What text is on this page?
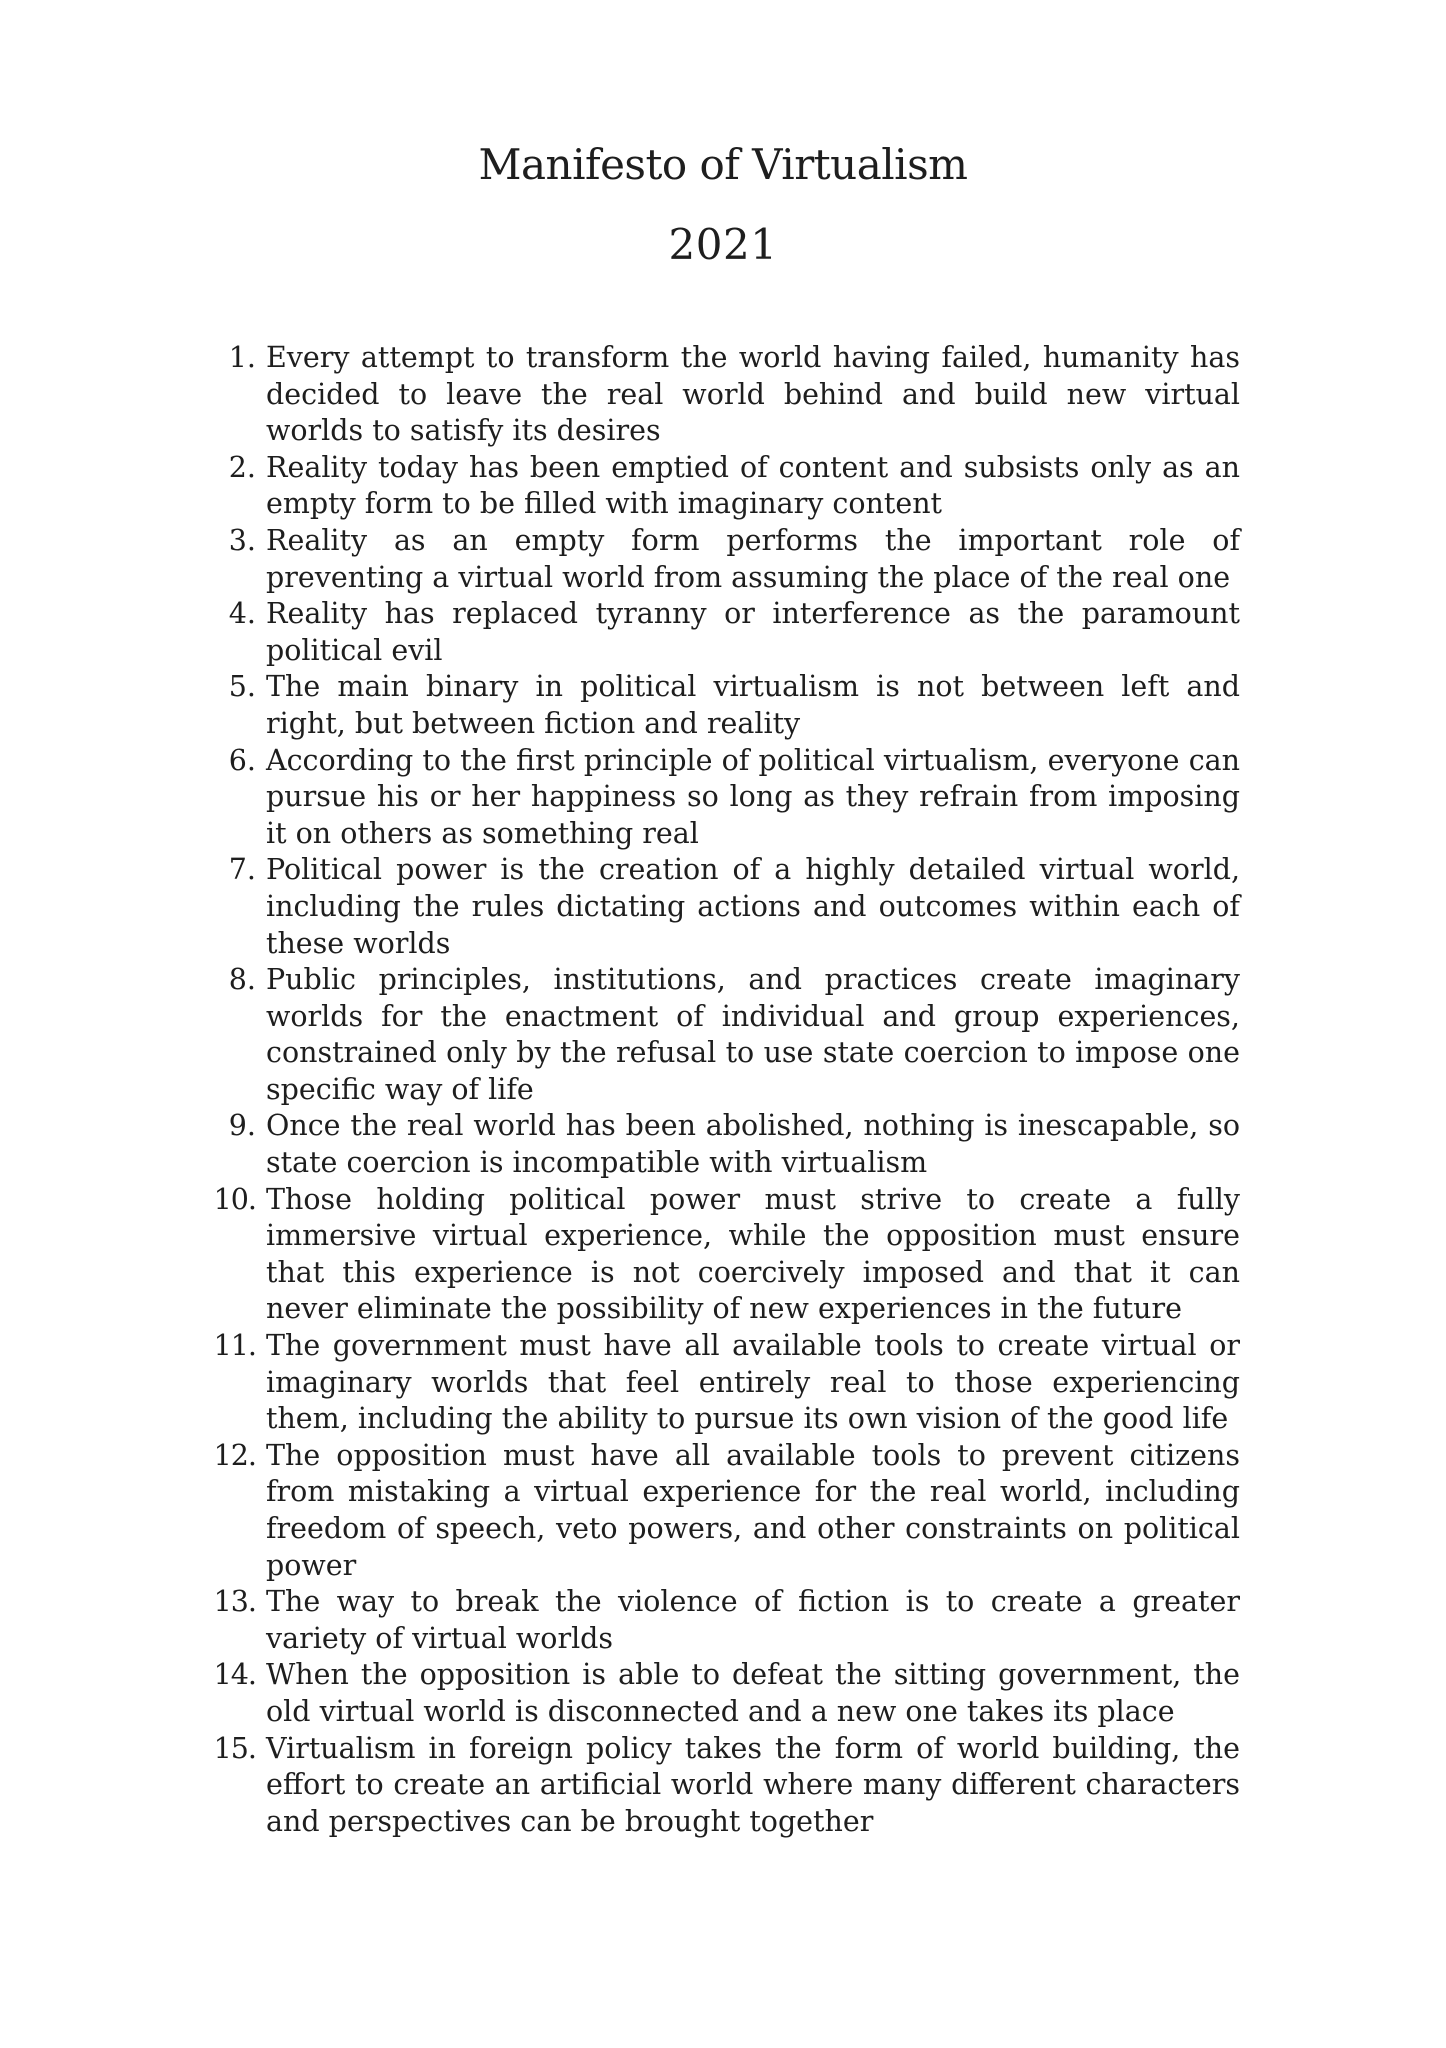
Manifesto of Virtualism
2021
1. Every attempt to transform the world having failed, humanity has decided to leave the real world behind and build new virtual worlds to satisfy its desires
2. Reality today has been emptied of content and subsists only as an empty form to be filled with imaginary content
3. Reality as an empty form performs the important role of preventing a virtual world from assuming the place of the real one
4. Reality has replaced tyranny or interference as the paramount political evil
5. The main binary in political virtualism is not between left and right, but between fiction and reality
6. According to the first principle of political virtualism, everyone can pursue his or her happiness so long as they refrain from imposing it on others as something real
7. Political power is the creation of a highly detailed virtual world, including the rules dictating actions and outcomes within each of these worlds
8. Public principles, institutions, and practices create imaginary worlds for the enactment of individual and group experiences, constrained only by the refusal to use state coercion to impose one specific way of life
9. Once the real world has been abolished, nothing is inescapable, so state coercion is incompatible with virtualism
10. Those holding political power must strive to create a fully immersive virtual experience, while the opposition must ensure that this experience is not coercively imposed and that it can never eliminate the possibility of new experiences in the future
11. The government must have all available tools to create virtual or imaginary worlds that feel entirely real to those experiencing them, including the ability to pursue its own vision of the good life
12. The opposition must have all available tools to prevent citizens from mistaking a virtual experience for the real world, including freedom of speech, veto powers, and other constraints on political power
13. The way to break the violence of fiction is to create a greater variety of virtual worlds
14. When the opposition is able to defeat the sitting government, the old virtual world is disconnected and a new one takes its place
15. Virtualism in foreign policy takes the form of world building, the effort to create an artificial world where many different characters and perspectives can be brought together
